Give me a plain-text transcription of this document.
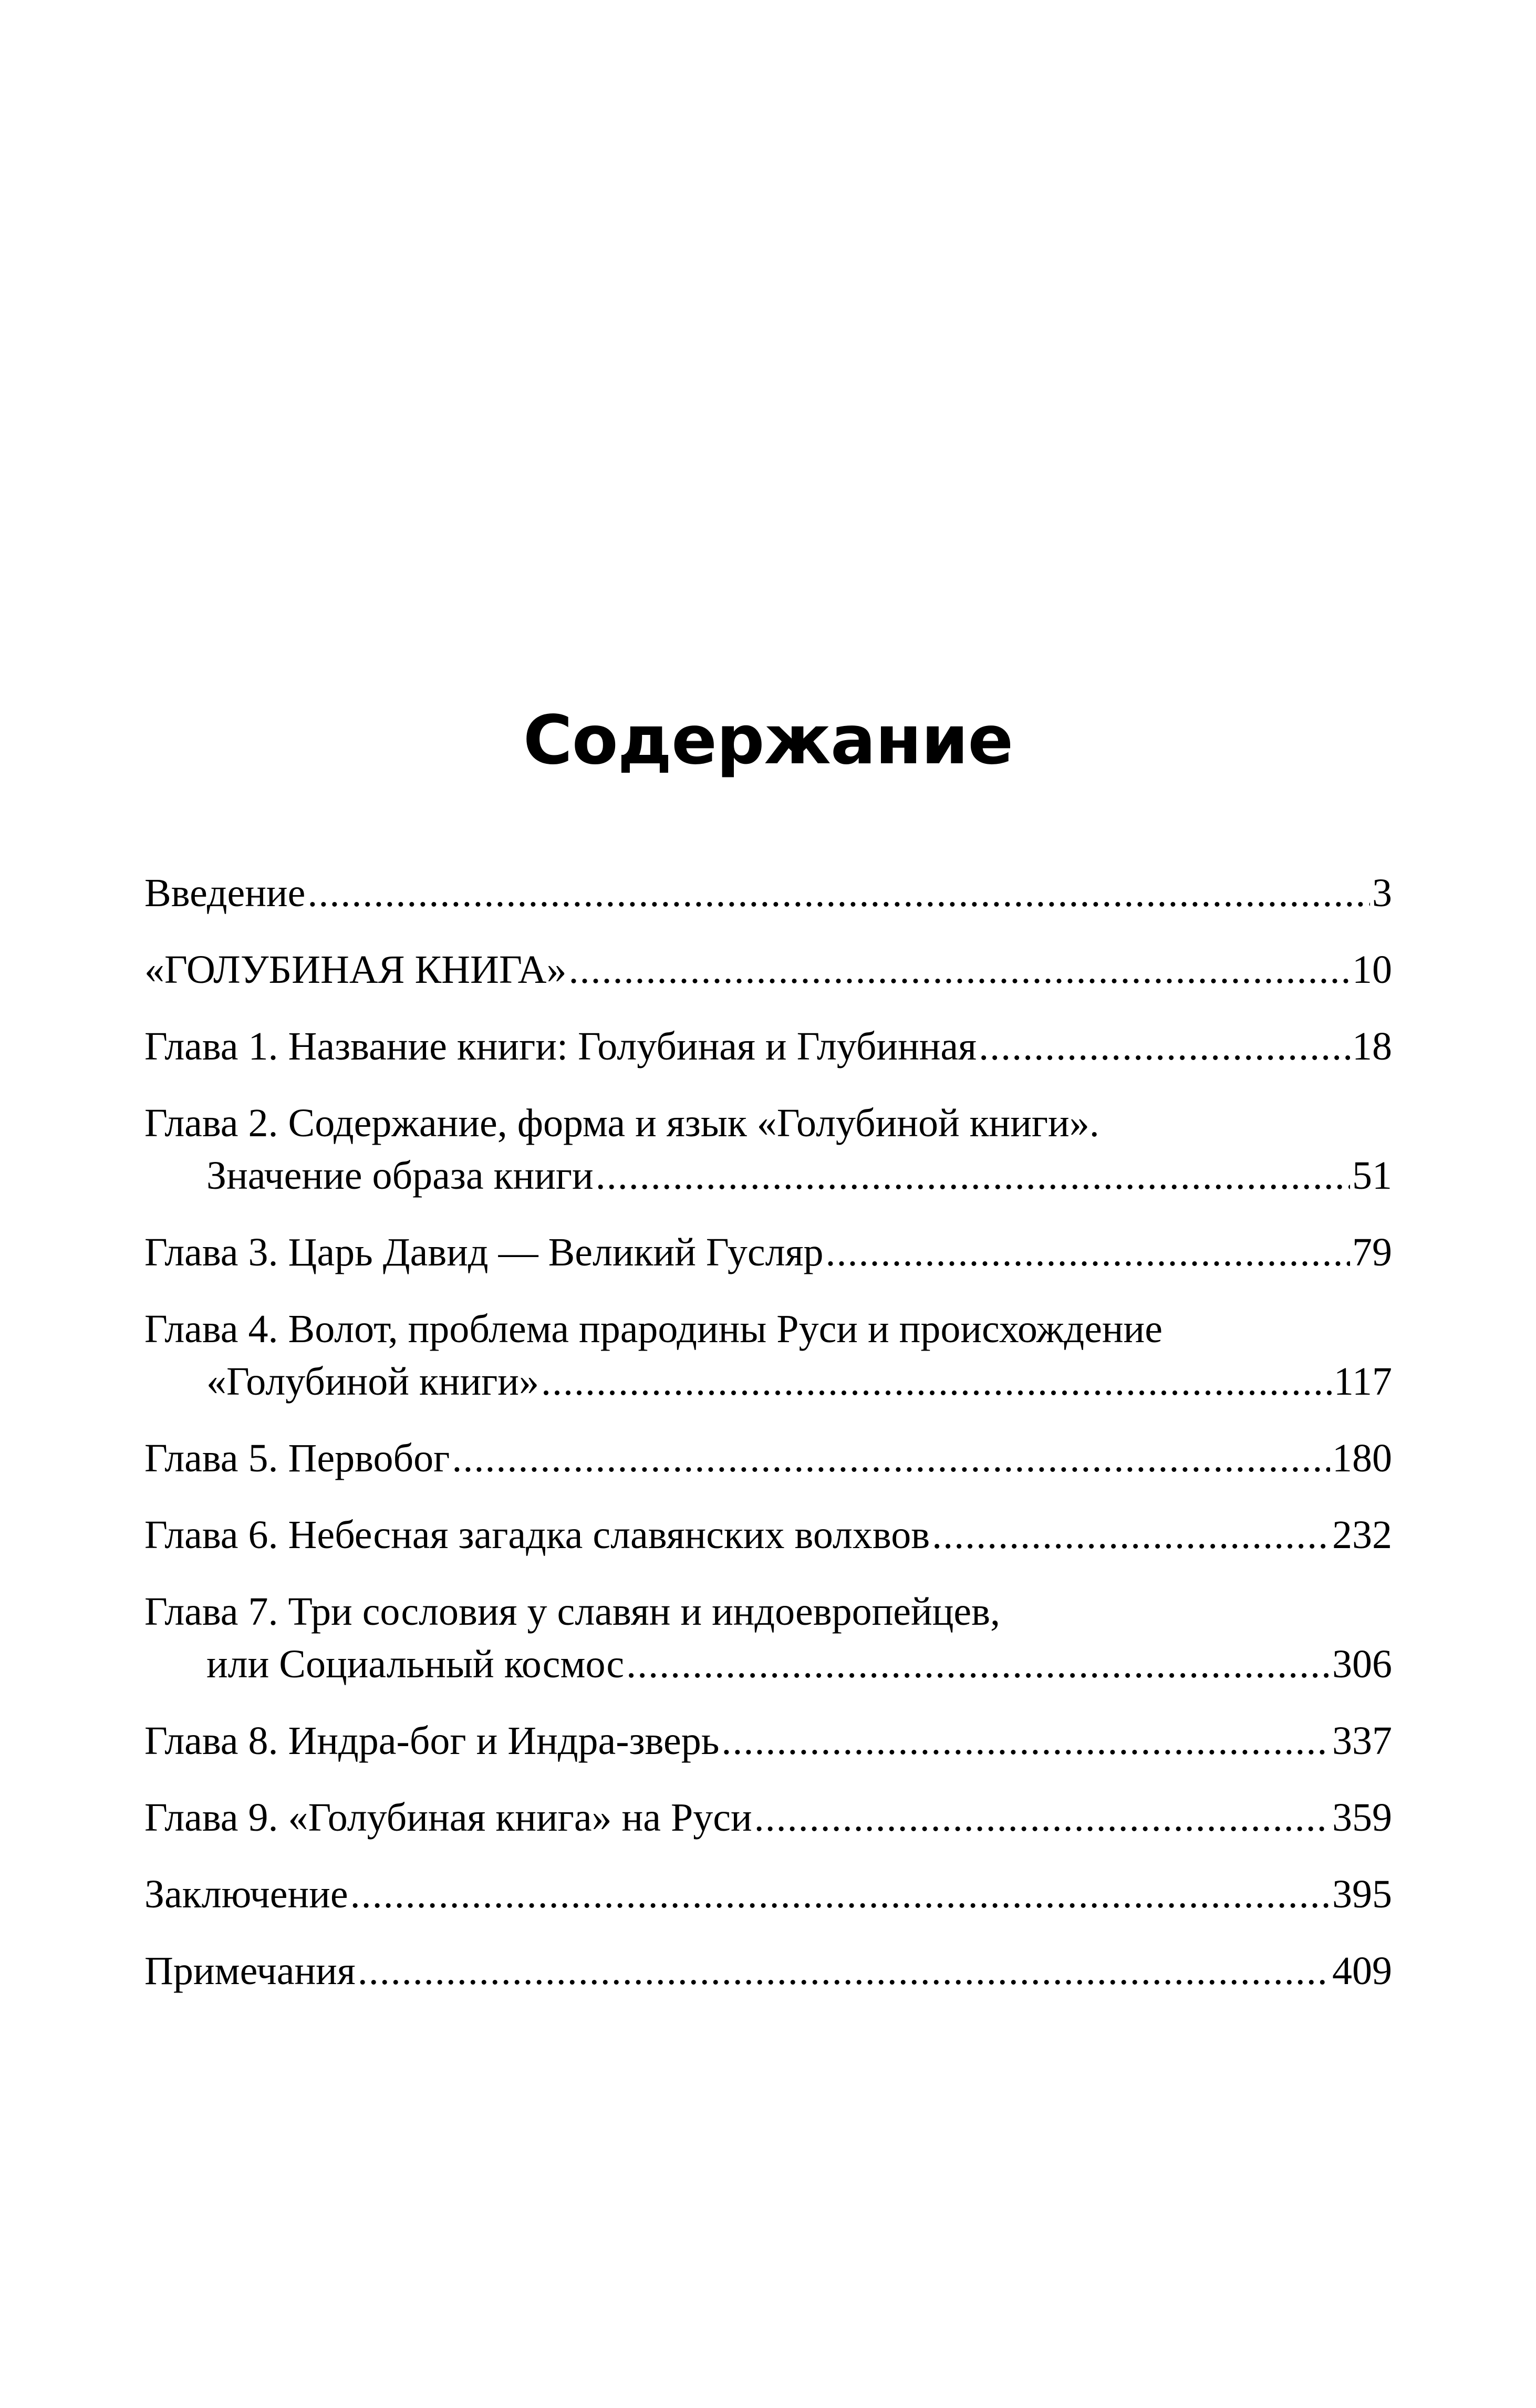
Содержание
Введение .....	3
«ГОЛУБИНАЯ КНИГА» .....	10
Глава 1. Название книги: Голубиная и Глубинная .....	18
Глава 2. Содержание, форма и язык «Голубиной книги».
Значение образа книги .....	51
Глава 3. Царь Давид — Великий Гусляр .....	79
Глава 4. Волот, проблема прародины Руси и происхождение
«Голубиной книги» .....	117
Глава 5. Первобог .....	180
Глава 6. Небесная загадка славянских волхвов .....	232
Глава 7. Три сословия у славян и индоевропейцев,
или Социальный космос .....	306
Глава 8. Индра-бог и Индра-зверь .....	337
Глава 9. «Голубиная книга» на Руси .....	359
Заключение .....	395
Примечания .....	409
